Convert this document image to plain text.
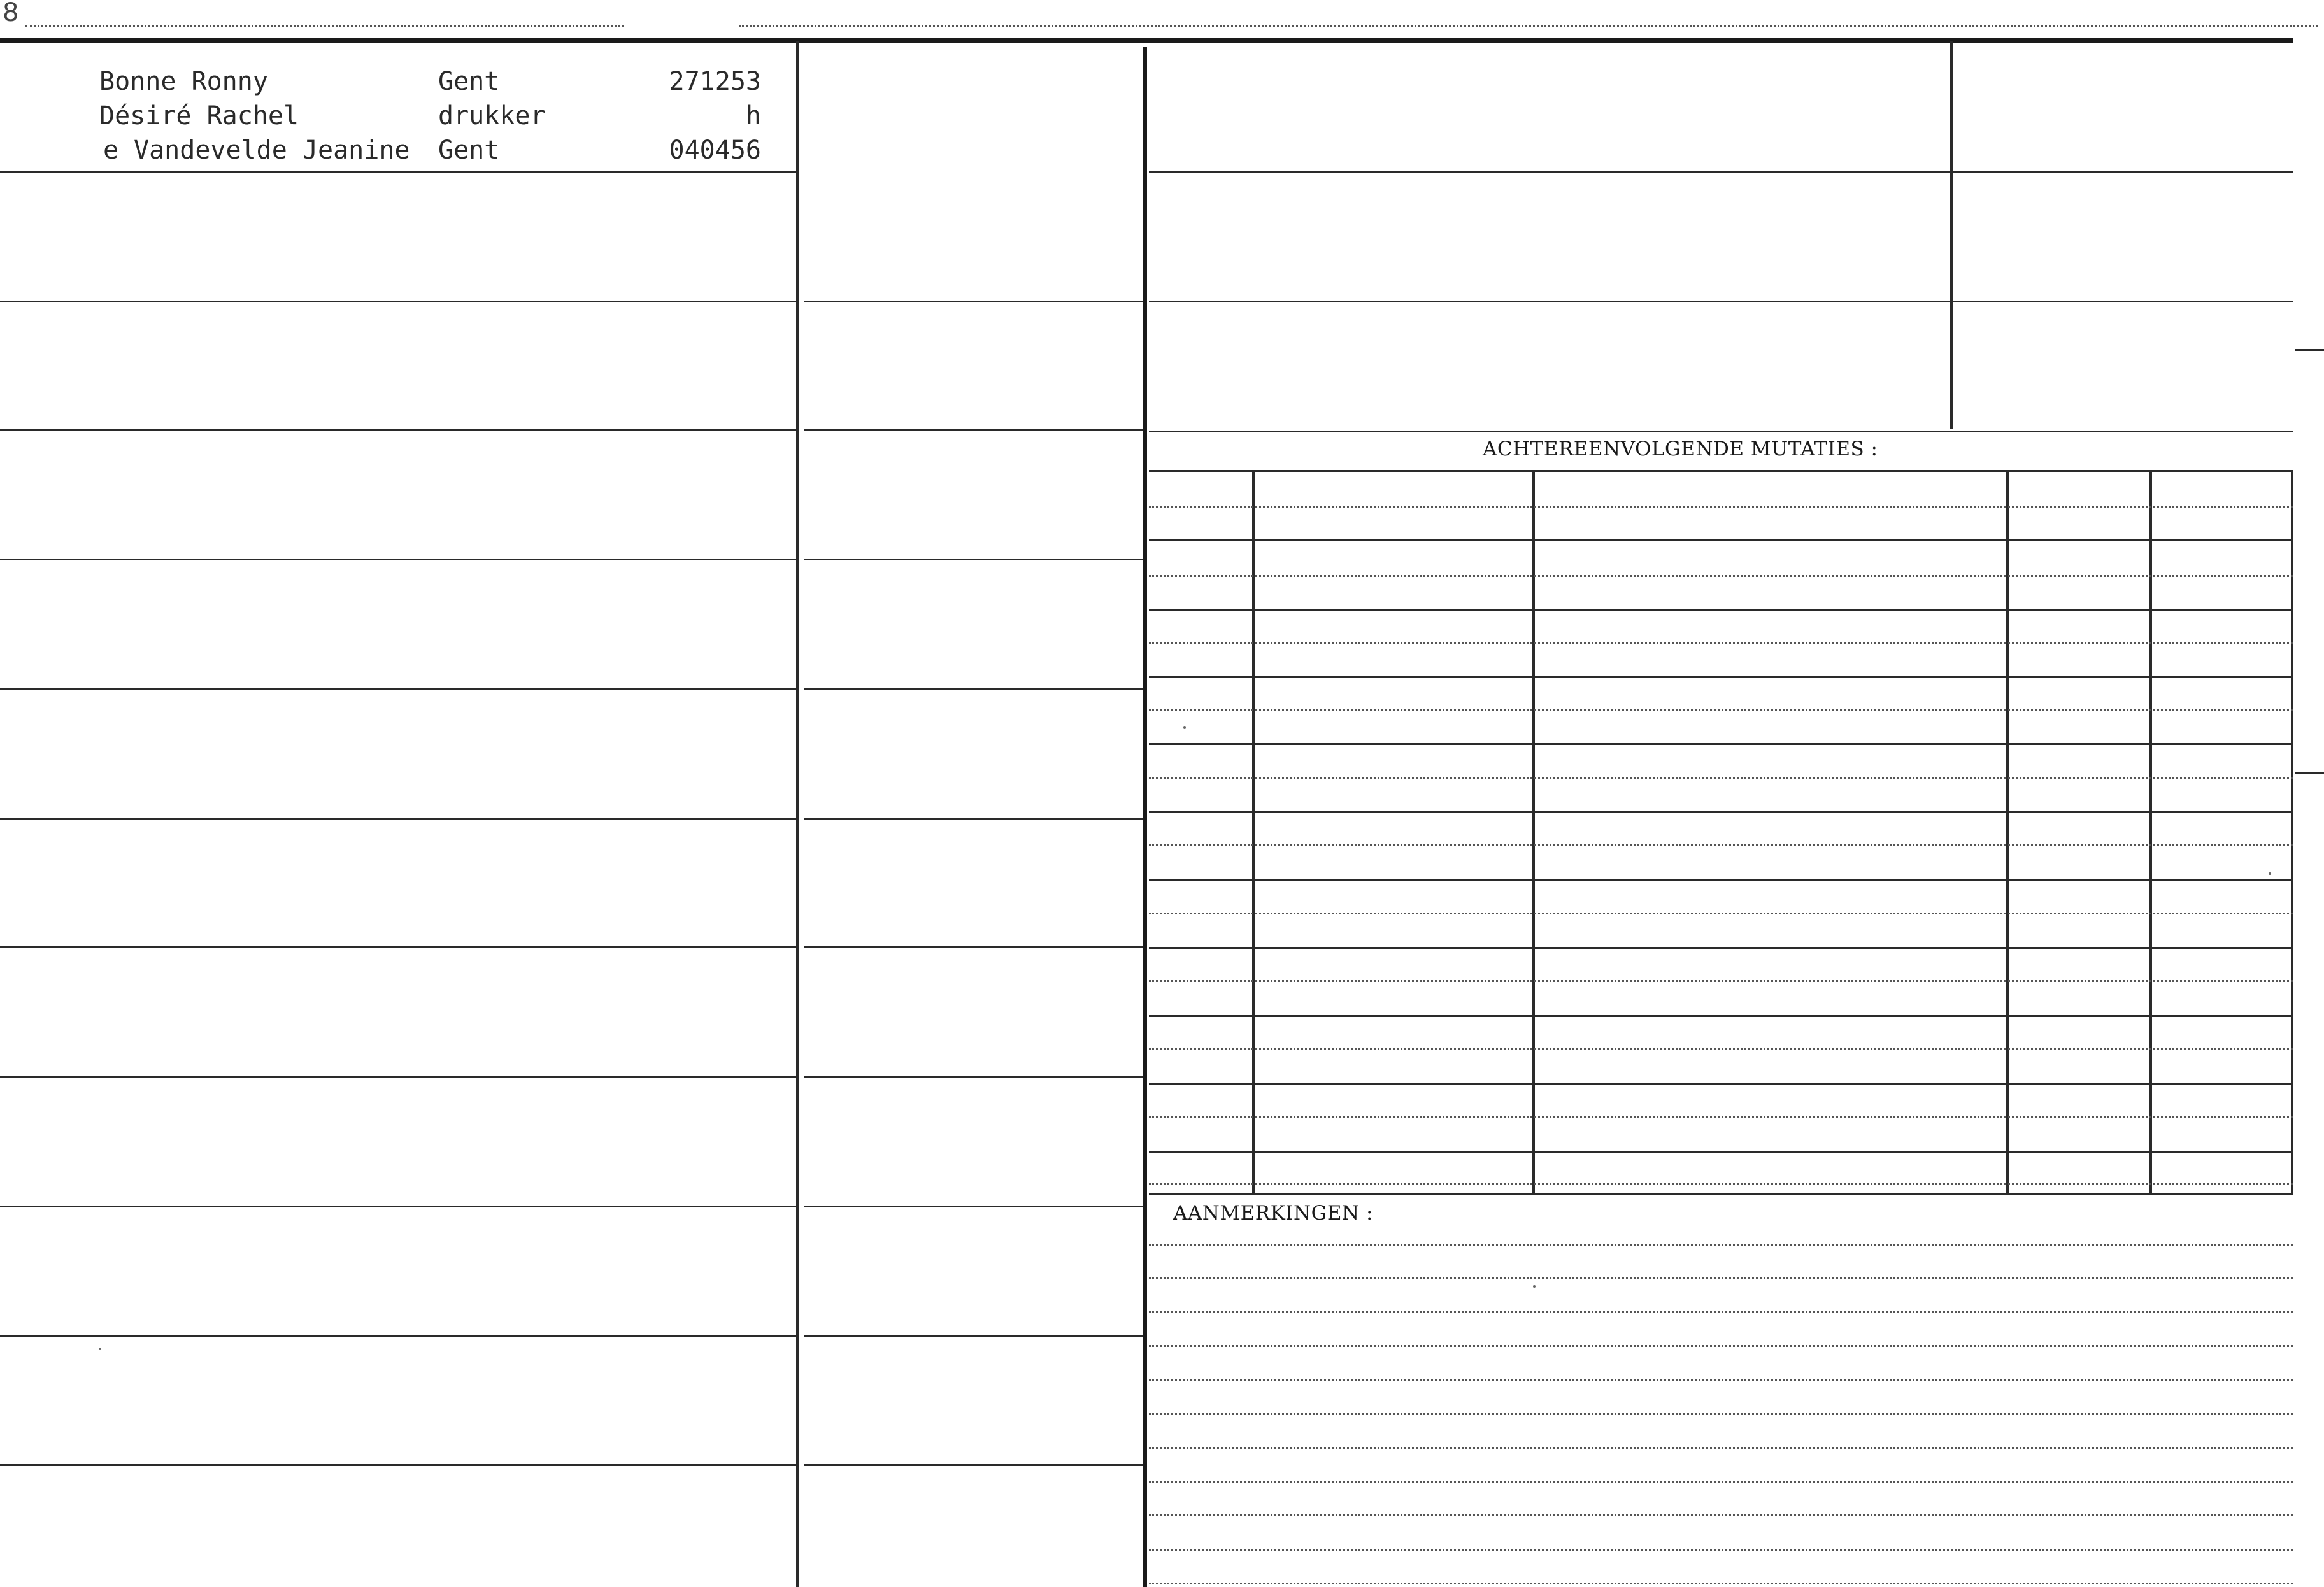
8
Bonne Ronny
Désiré Rachel
e Vandevelde Jeanine
Gent
drukker
Gent
271253
h
040456
ACHTEREENVOLGENDE MUTATIES :
AANMERKINGEN :
